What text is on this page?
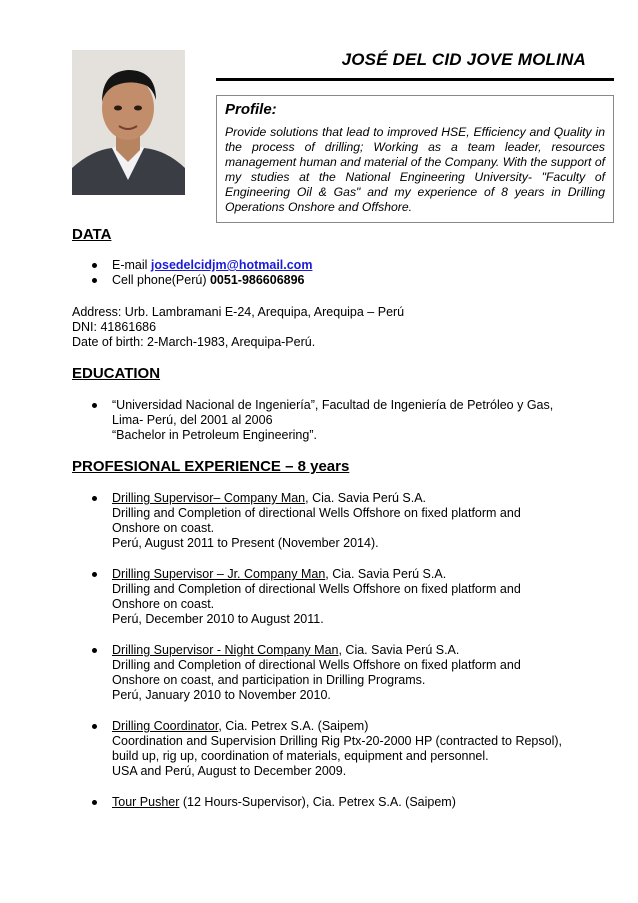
JOSÉ DEL CID JOVE MOLINA
Profile:
Provide solutions that lead to improved HSE, Efficiency and Quality in the process of drilling; Working as a team leader, resources management human and material of the Company. With the support of my studies at the National Engineering University- "Faculty of Engineering Oil & Gas" and my experience of 8 years in Drilling Operations Onshore and Offshore.
DATA
E-mail josedelcidjm@hotmail.com
Cell phone(Perú) 0051-986606896
Address: Urb. Lambramani E-24, Arequipa, Arequipa – Perú
DNI: 41861686
Date of birth: 2-March-1983, Arequipa-Perú.
EDUCATION
“Universidad Nacional de Ingeniería”, Facultad de Ingeniería de Petróleo y Gas,
Lima- Perú, del 2001 al 2006
“Bachelor in Petroleum Engineering”.
PROFESIONAL EXPERIENCE – 8 years
Drilling Supervisor– Company Man, Cia. Savia Perú S.A.
Drilling and Completion of directional Wells Offshore on fixed platform and
Onshore on coast.
Perú, August 2011 to Present (November 2014).
Drilling Supervisor – Jr. Company Man, Cia. Savia Perú S.A.
Drilling and Completion of directional Wells Offshore on fixed platform and
Onshore on coast.
Perú, December 2010 to August 2011.
Drilling Supervisor - Night Company Man, Cia. Savia Perú S.A.
Drilling and Completion of directional Wells Offshore on fixed platform and
Onshore on coast, and participation in Drilling Programs.
Perú, January 2010 to November 2010.
Drilling Coordinator, Cia. Petrex S.A. (Saipem)
Coordination and Supervision Drilling Rig Ptx-20-2000 HP (contracted to Repsol),
build up, rig up, coordination of materials, equipment and personnel.
USA and Perú, August to December 2009.
Tour Pusher (12 Hours-Supervisor), Cia. Petrex S.A. (Saipem)
